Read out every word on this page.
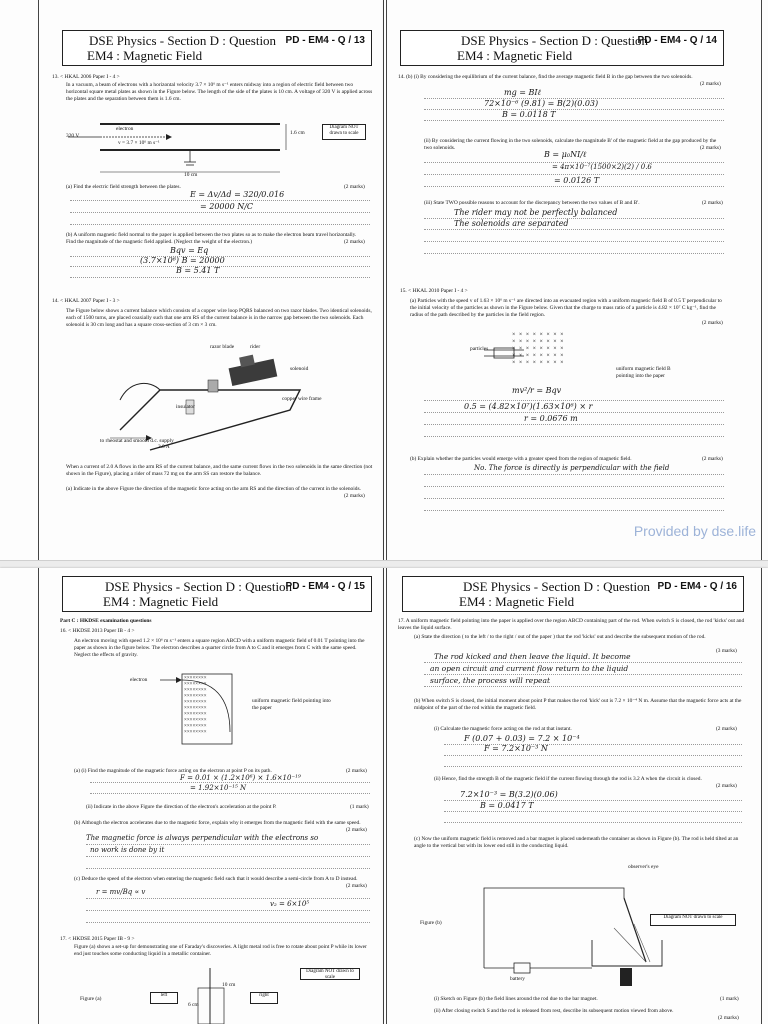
DSE Physics - Section D : Question
EM4 : Magnetic Field
PD - EM4 - Q / 13
13. < HKAL 2006 Paper I - 4 >
In a vacuum, a beam of electrons with a horizontal velocity 3.7 × 10⁶ m s⁻¹ enters midway into a region of electric field between two horizontal square metal plates as shown in the Figure below. The length of the side of the plates is 10 cm. A voltage of 320 V is applied across the plates and the separation between them is 1.6 cm.
320 V
electron
v = 3.7 × 10⁶ m s⁻¹
1.6 cm
10 cm
Diagram NOT drawn to scale
(a) Find the electric field strength between the plates.	(2 marks)
E = Δv/Δd = 320/0.016
= 20000 N/C
(b) A uniform magnetic field normal to the paper is applied between the two plates so as to make the electron beam travel horizontally. Find the magnitude of the magnetic field applied. (Neglect the weight of the electron.)	(2 marks)
Bqv = Eq
(3.7×10⁶) B = 20000
B = 5.41 T
14. < HKAL 2007 Paper I - 3 >
The Figure below shows a current balance which consists of a copper wire loop PQRS balanced on two razor blades. Two identical solenoids, each of 1500 turns, are placed coaxially such that one arm RS of the current balance is in the narrow gap between the two solenoids. Each solenoid is 30 cm long and has a square cross-section of 3 cm × 3 cm.
razor blade	rider
solenoid
insulator
copper wire frame
to rheostat and smooth d.c. supply
2.0 A
When a current of 2.0 A flows in the arm RS of the current balance, and the same current flows in the two solenoids in the same direction (not shown in the Figure), placing a rider of mass 72 mg on the arm SS can restore the balance.
(a) Indicate in the above Figure the direction of the magnetic force acting on the arm RS and the direction of the current in the solenoids.
(2 marks)
DSE Physics - Section D : Question
EM4 : Magnetic Field
PD - EM4 - Q / 14
14. (b) (i) By considering the equilibrium of the current balance, find the average magnetic field B in the gap between the two solenoids.
(2 marks)
mg = BIℓ
72×10⁻⁶ (9.81) = B(2)(0.03)
B = 0.0118 T
(ii) By considering the current flowing in the two solenoids, calculate the magnitude B' of the magnetic field at the gap produced by the two solenoids.	(2 marks)
B = μ₀NI/ℓ
= 4π×10⁻⁷(1500×2)(2) / 0.6
= 0.0126 T
(iii) State TWO possible reasons to account for the discrepancy between the two values of B and B'.	(2 marks)
The rider may not be perfectly balanced
The solenoids are separated
15. < HKAL 2010 Paper I - 4 >
(a) Particles with the speed v of 1.63 × 10⁶ m s⁻¹ are directed into an evacuated region with a uniform magnetic field B of 0.5 T perpendicular to the initial velocity of the particles as shown in the Figure below. Given that the charge to mass ratio of a particle is 4.82 × 10⁷ C kg⁻¹, find the radius of the path described by the particles in the field region.
(2 marks)
× × × × × × × ×
× × × × × × × ×
× × × × × × × ×
× × × × × × × ×
× × × × × × × ×
particles
uniform magnetic field B pointing into the paper
mv²/r = Bqv
0.5 = (4.82×10⁷)(1.63×10⁶) × r
r = 0.0676 m
(b) Explain whether the particles would emerge with a greater speed from the region of magnetic field.	(2 marks)
No. The force is directly is perpendicular with the field
Provided by dse.life
DSE Physics - Section D : Question
EM4 : Magnetic Field
PD - EM4 - Q / 15
Part C : HKDSE examination questions
16. < HKDSE 2013 Paper IB - 4 >
An electron moving with speed 1.2 × 10⁶ m s⁻¹ enters a square region ABCD with a uniform magnetic field of 0.01 T pointing into the paper as shown in the figure below. The electron describes a quarter circle from A to C and it emerges from C with the same speed. Neglect the effects of gravity.
electron	××××××××
××××××××
××××××××
××××××××
××××××××
××××××××
××××××××
××××××××
××××××××
××××××××
uniform magnetic field pointing into the paper
(a) (i) Find the magnitude of the magnetic force acting on the electron at point P on its path.	(2 marks)
F = 0.01 × (1.2×10⁶) × 1.6×10⁻¹⁹
= 1.92×10⁻¹⁵ N
(ii) Indicate in the above Figure the direction of the electron's acceleration at the point P.	(1 mark)
(b) Although the electron accelerates due to the magnetic force, explain why it emerges from the magnetic field with the same speed.
(2 marks)
The magnetic force is always perpendicular with the electrons so
no work is done by it
(c) Deduce the speed of the electron when entering the magnetic field such that it would describe a semi-circle from A to D instead.
(2 marks)
r = mv/Bq ∝ v
v₂ = 6×10⁵
17. < HKDSE 2015 Paper IB - 9 >
Figure (a) shows a set-up for demonstrating one of Faraday's discoveries. A light metal rod is free to rotate about point P while its lower end just touches some conducting liquid in a metallic container.
Diagram NOT drawn to scale
left	right
10 cm
6 cm
Figure (a)
DSE Physics - Section D : Question
EM4 : Magnetic Field
PD - EM4 - Q / 16
17. A uniform magnetic field pointing into the paper is applied over the region ABCD containing part of the rod. When switch S is closed, the rod 'kicks' out and leaves the liquid surface.
(a) State the direction ( to the left / to the right / out of the paper ) that the rod 'kicks' out and describe the subsequent motion of the rod.
(3 marks)
The rod kicked and then leave the liquid. It become
an open circuit and current flow return to the liquid
surface, the process will repeat
(b) When switch S is closed, the initial moment about point P that makes the rod 'kick' out is 7.2 × 10⁻⁴ N m. Assume that the magnetic force acts at the midpoint of the part of the rod within the magnetic field.
(i) Calculate the magnetic force acting on the rod at that instant.	(2 marks)
F (0.07 + 0.03) = 7.2 × 10⁻⁴
F = 7.2×10⁻³ N
(ii) Hence, find the strength B of the magnetic field if the current flowing through the rod is 3.2 A when the circuit is closed.
(2 marks)
7.2×10⁻³ = B(3.2)(0.06)
B = 0.0417 T
(c) Now the uniform magnetic field is removed and a bar magnet is placed underneath the container as shown in Figure (b). The rod is held tilted at an angle to the vertical but with its lower end still in the conducting liquid.
observer's eye
Figure (b)
Diagram NOT drawn to scale
battery
(i) Sketch on Figure (b) the field lines around the rod due to the bar magnet.	(1 mark)
(ii) After closing switch S and the rod is released from rest, describe its subsequent motion viewed from above.
(2 marks)
